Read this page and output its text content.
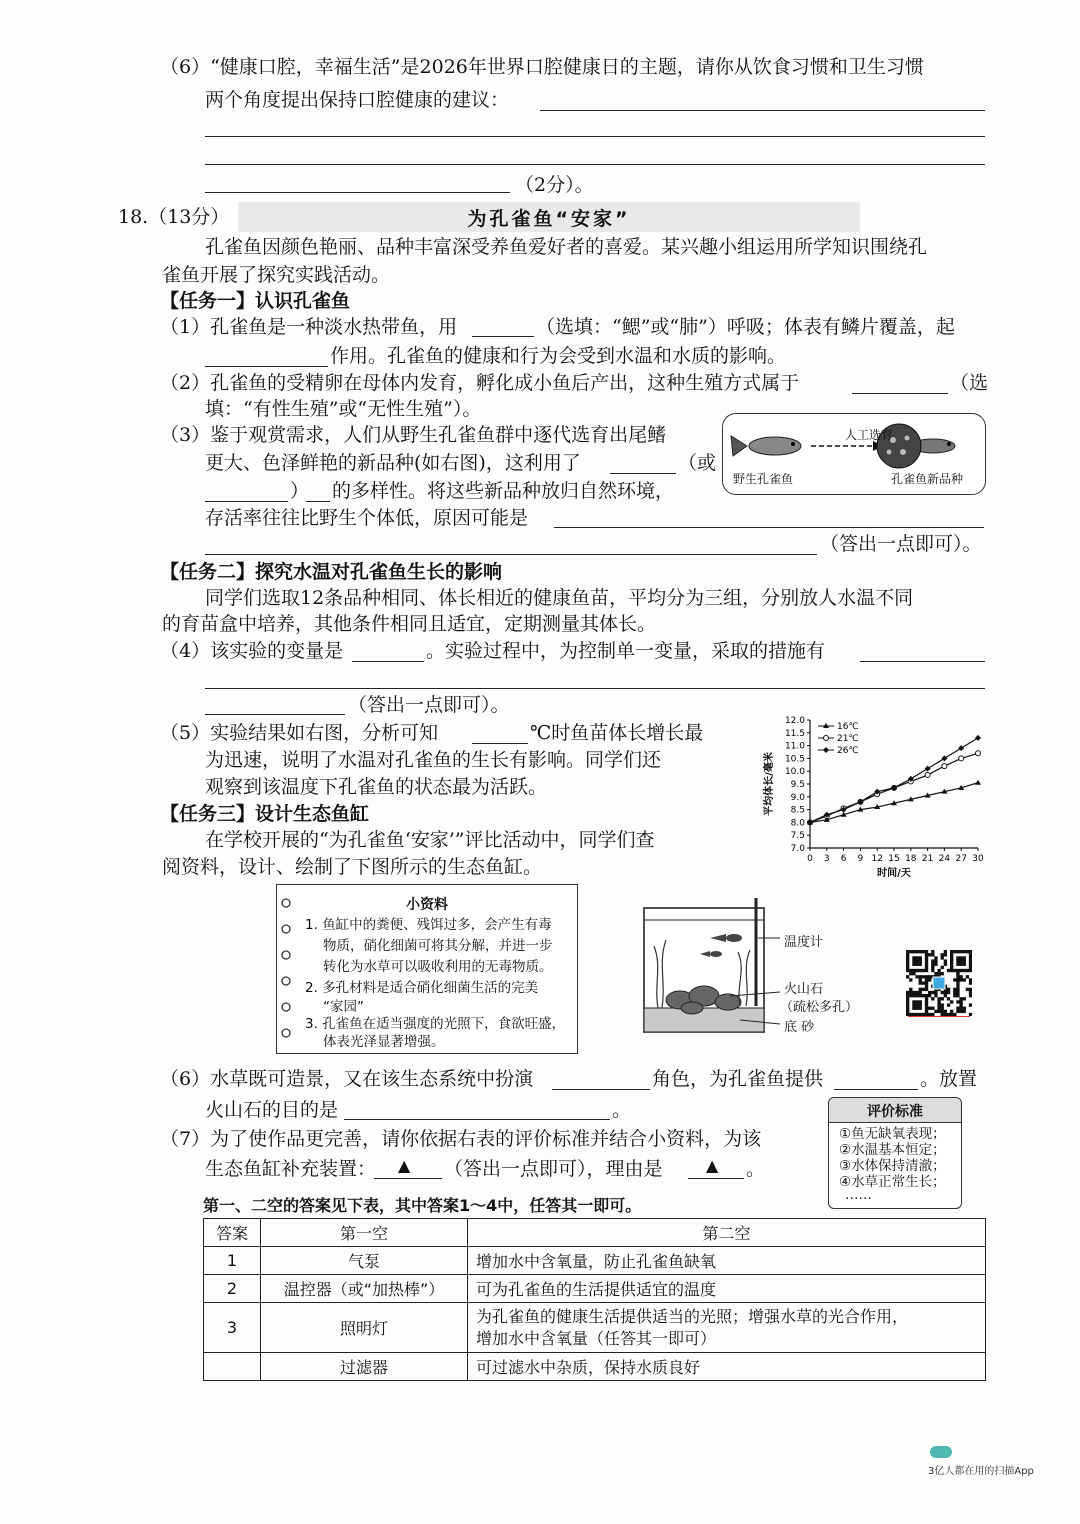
（6）“健康口腔，幸福生活”是2026年世界口腔健康日的主题，请你从饮食习惯和卫生习惯
两个角度提出保持口腔健康的建议：
（2分）。
18.（13分）	为孔雀鱼“安家”
孔雀鱼因颜色艳丽、品种丰富深受养鱼爱好者的喜爱。某兴趣小组运用所学知识围绕孔
雀鱼开展了探究实践活动。
【任务一】认识孔雀鱼
（1）孔雀鱼是一种淡水热带鱼，用	（选填：“鳃”或“肺”）呼吸；体表有鳞片覆盖，起
作用。孔雀鱼的健康和行为会受到水温和水质的影响。
（2）孔雀鱼的受精卵在母体内发育，孵化成小鱼后产出，这种生殖方式属于	（选
填：“有性生殖”或“无性生殖”）。
（3）鉴于观赏需求，人们从野生孔雀鱼群中逐代选育出尾鳍
更大、色泽鲜艳的新品种(如右图)，这利用了	（或
） 的多样性。将这些新品种放归自然环境，
存活率往往比野生个体低，原因可能是
（答出一点即可）。
人工选育
野生孔雀鱼	孔雀鱼新品种
【任务二】探究水温对孔雀鱼生长的影响
同学们选取12条品种相同、体长相近的健康鱼苗，平均分为三组，分别放人水温不同
的育苗盒中培养，其他条件相同且适宜，定期测量其体长。
（4）该实验的变量是	。实验过程中，为控制单一变量，采取的措施有
（答出一点即可）。
（5）实验结果如右图，分析可知	℃时鱼苗体长增长最
为迅速，说明了水温对孔雀鱼的生长有影响。同学们还
观察到该温度下孔雀鱼的状态最为活跃。
0 3 6 9 12 15 18 21 24 27 30
7.0
7.5
8.0
8.5
9.0
9.5
10.0
10.5
11.0
11.5
12.0
时间/天
平均体长/毫米
16℃
21℃
26℃
【任务三】设计生态鱼缸
在学校开展的“为孔雀鱼‘安家’”评比活动中，同学们查
阅资料，设计、绘制了下图所示的生态鱼缸。
小资料
1. 鱼缸中的粪便、残饵过多，会产生有毒
物质，硝化细菌可将其分解，并进一步
转化为水草可以吸收利用的无毒物质。
2. 多孔材料是适合硝化细菌生活的完美
“家园”
3. 孔雀鱼在适当强度的光照下，食欲旺盛，
体表光泽显著增强。
温度计
火山石
（疏松多孔）
底 砂
（6）水草既可造景，又在该生态系统中扮演	角色，为孔雀鱼提供	。放置
火山石的目的是	。	评价标准
①鱼无缺氧表现；
②水温基本恒定；
③水体保持清澈；
④水草正常生长；
……
（7）为了使作品更完善，请你依据右表的评价标准并结合小资料，为该
生态鱼缸补充装置： ▲ （答出一点即可），理由是	▲ 。
第一、二空的答案见下表，其中答案1～4中，任答其一即可。
答案	第一空	第二空
1	气泵	增加水中含氧量，防止孔雀鱼缺氧
2	温控器（或“加热棒”）	可为孔雀鱼的生活提供适宜的温度
3	照明灯	为孔雀鱼的健康生活提供适当的光照；增强水草的光合作用，
增加水中含氧量（任答其一即可）

	过滤器	可过滤水中杂质，保持水质良好
3亿人都在用的扫描App
